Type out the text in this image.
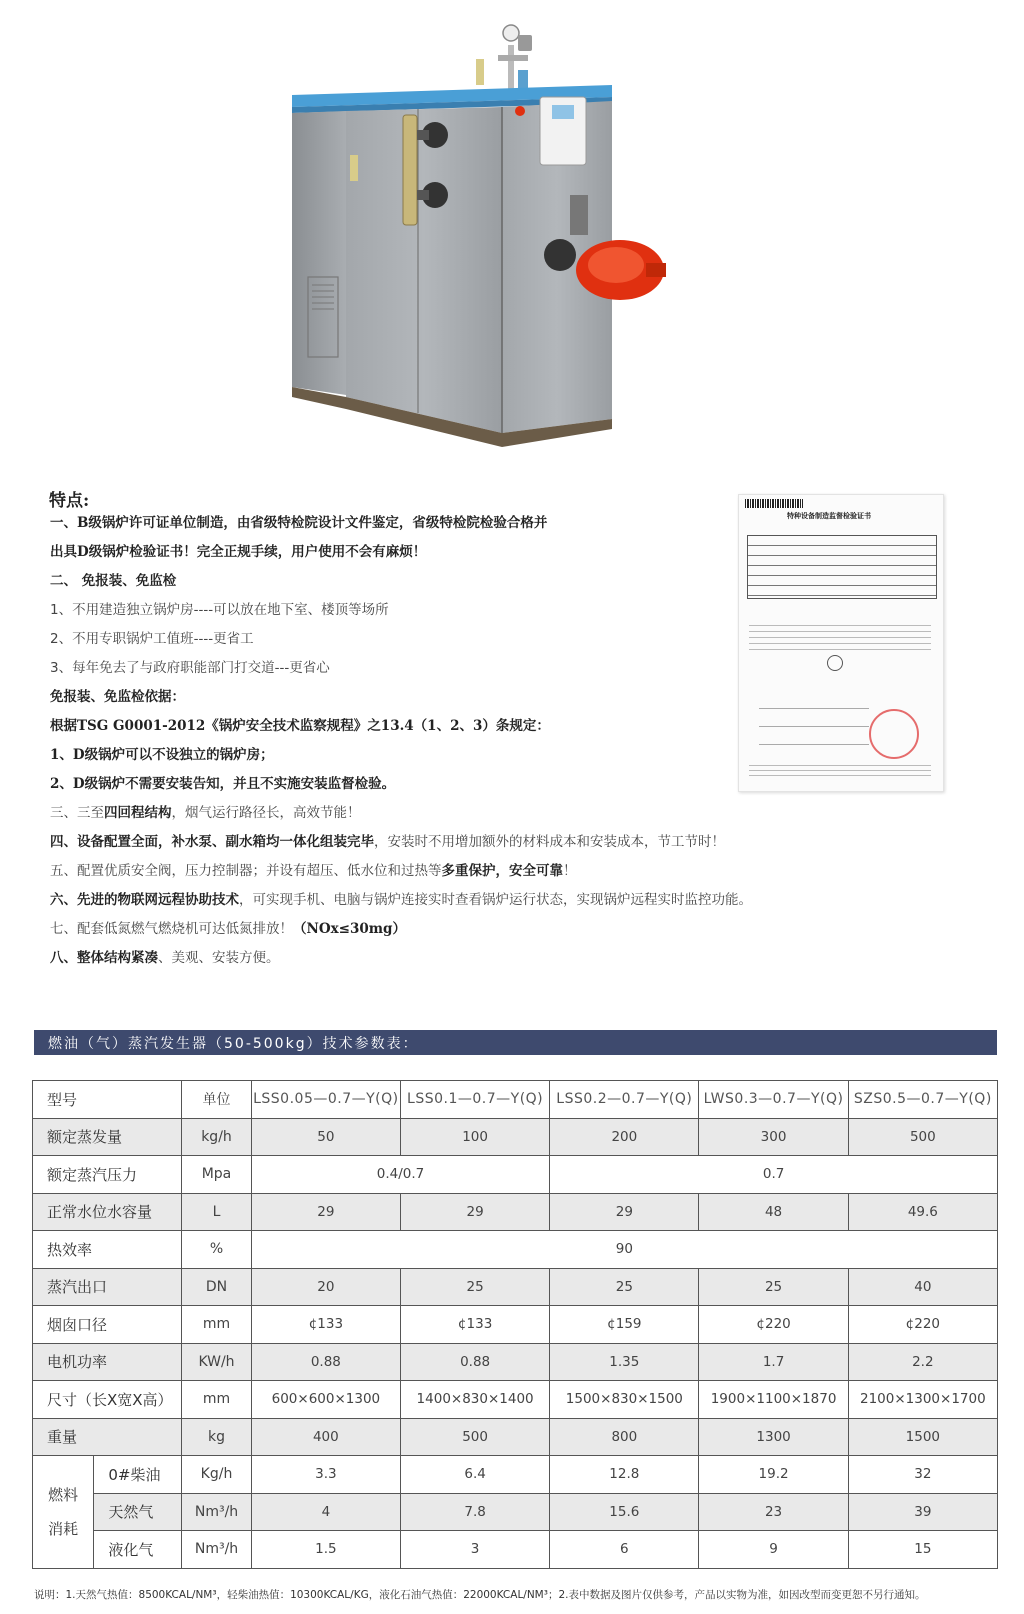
特种设备制造监督检验证书
特点:
一、B级锅炉许可证单位制造，由省级特检院设计文件鉴定，省级特检院检验合格并
出具D级锅炉检验证书！完全正规手续，用户使用不会有麻烦！
二、 免报装、免监检
1、不用建造独立锅炉房----可以放在地下室、楼顶等场所
2、不用专职锅炉工值班----更省工
3、每年免去了与政府职能部门打交道---更省心
免报装、免监检依据：
根据TSG G0001-2012《锅炉安全技术监察规程》之13.4（1、2、3）条规定：
1、D级锅炉可以不设独立的锅炉房；
2、D级锅炉不需要安装告知，并且不实施安装监督检验。
三、三至四回程结构，烟气运行路径长，高效节能！
四、设备配置全面，补水泵、副水箱均一体化组装完毕，安装时不用增加额外的材料成本和安装成本，节工节时！
五、配置优质安全阀，压力控制器；并设有超压、低水位和过热等多重保护，安全可靠！
六、先进的物联网远程协助技术，可实现手机、电脑与锅炉连接实时查看锅炉运行状态，实现锅炉远程实时监控功能。
七、配套低氮燃气燃烧机可达低氮排放！（NOx≤30mg）
八、整体结构紧凑、美观、安装方便。
燃油（气）蒸汽发生器（50-500kg）技术参数表：
型号		单位	LSS0.05—0.7—Y(Q)	LSS0.1—0.7—Y(Q)	LSS0.2—0.7—Y(Q)	LWS0.3—0.7—Y(Q)	SZS0.5—0.7—Y(Q)
额定蒸发量		kg/h	50	100	200	300	500
额定蒸汽压力		Mpa	0.4/0.7		0.7		
正常水位水容量		L	29	29	29	48	49.6
热效率		%	90				
蒸汽出口		DN	20	25	25	25	40
烟囱口径		mm	¢133	¢133	¢159	¢220	¢220
电机功率		KW/h	0.88	0.88	1.35	1.7	2.2
尺寸（长X宽X高）		mm	600×600×1300	1400×830×1400	1500×830×1500	1900×1100×1870	2100×1300×1700
重量		kg	400	500	800	1300	1500

燃料
消耗	0#柴油	Kg/h	3.3	6.4	12.8	19.2	32
	天然气	Nm³/h	4	7.8	15.6	23	39
	液化气	Nm³/h	1.5	3	6	9	15
说明：1.天然气热值：8500KCAL/NM³，轻柴油热值：10300KCAL/KG，液化石油气热值：22000KCAL/NM³；2.表中数据及图片仅供参考，产品以实物为准，如因改型而变更恕不另行通知。
